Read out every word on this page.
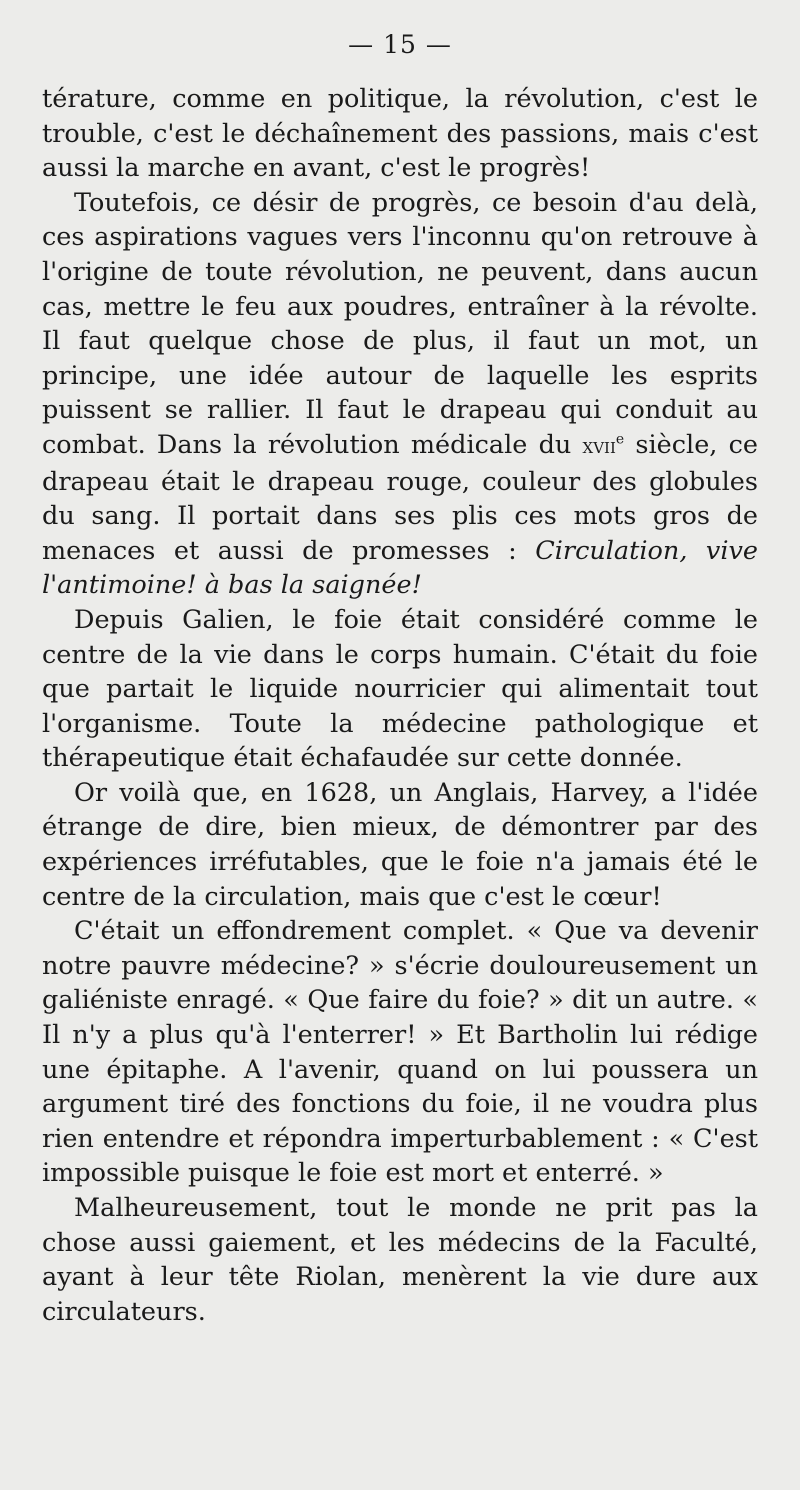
— 15 —

térature, comme en politique, la révolution, c'est le trouble, c'est le déchaînement des passions, mais c'est aussi la marche en avant, c'est le progrès!

Toutefois, ce désir de progrès, ce besoin d'au delà, ces aspirations vagues vers l'inconnu qu'on retrouve à l'origine de toute révolution, ne peuvent, dans aucun cas, mettre le feu aux poudres, entraîner à la révolte. Il faut quelque chose de plus, il faut un mot, un principe, une idée autour de laquelle les esprits puissent se rallier. Il faut le drapeau qui conduit au combat. Dans la révolution médicale du xvii$^e$ siècle, ce drapeau était le drapeau rouge, couleur des globules du sang. Il portait dans ses plis ces mots gros de menaces et aussi de promesses : Circulation, vive l'antimoine! à bas la saignée!

Depuis Galien, le foie était considéré comme le centre de la vie dans le corps humain. C'était du foie que partait le liquide nourricier qui alimentait tout l'organisme. Toute la médecine pathologique et thérapeutique était échafaudée sur cette donnée.

Or voilà que, en 1628, un Anglais, Harvey, a l'idée étrange de dire, bien mieux, de démontrer par des expériences irréfutables, que le foie n'a jamais été le centre de la circulation, mais que c'est le cœur!

C'était un effondrement complet. « Que va devenir notre pauvre médecine? » s'écrie douloureusement un galiéniste enragé. « Que faire du foie? » dit un autre. « Il n'y a plus qu'à l'enterrer! » Et Bartholin lui rédige une épitaphe. A l'avenir, quand on lui poussera un argument tiré des fonctions du foie, il ne voudra plus rien entendre et répondra imperturbablement : « C'est impossible puisque le foie est mort et enterré. »

Malheureusement, tout le monde ne prit pas la chose aussi gaiement, et les médecins de la Faculté, ayant à leur tête Riolan, menèrent la vie dure aux circulateurs.
